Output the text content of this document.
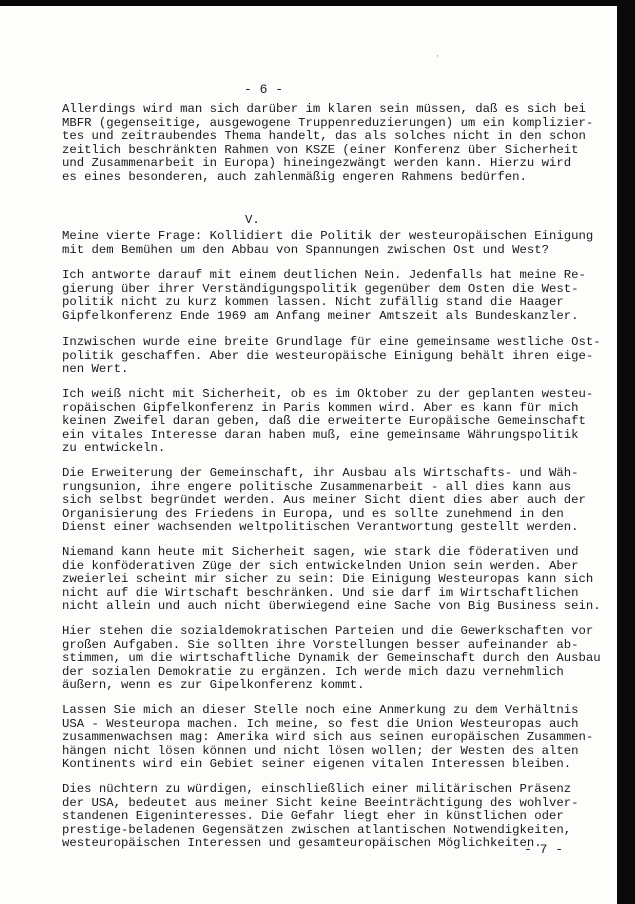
·
- 6 -
Allerdings wird man sich darüber im klaren sein müssen, daß es sich bei
MBFR (gegenseitige, ausgewogene Truppenreduzierungen) um ein komplizier-
tes und zeitraubendes Thema handelt, das als solches nicht in den schon
zeitlich beschränkten Rahmen von KSZE (einer Konferenz über Sicherheit
und Zusammenarbeit in Europa) hineingezwängt werden kann. Hierzu wird
es eines besonderen, auch zahlenmäßig engeren Rahmens bedürfen.
V.
Meine vierte Frage: Kollidiert die Politik der westeuropäischen Einigung
mit dem Bemühen um den Abbau von Spannungen zwischen Ost und West?
Ich antworte darauf mit einem deutlichen Nein. Jedenfalls hat meine Re-
gierung über ihrer Verständigungspolitik gegenüber dem Osten die West-
politik nicht zu kurz kommen lassen. Nicht zufällig stand die Haager
Gipfelkonferenz Ende 1969 am Anfang meiner Amtszeit als Bundeskanzler.
Inzwischen wurde eine breite Grundlage für eine gemeinsame westliche Ost-
politik geschaffen. Aber die westeuropäische Einigung behält ihren eige-
nen Wert.
Ich weiß nicht mit Sicherheit, ob es im Oktober zu der geplanten westeu-
ropäischen Gipfelkonferenz in Paris kommen wird. Aber es kann für mich
keinen Zweifel daran geben, daß die erweiterte Europäische Gemeinschaft
ein vitales Interesse daran haben muß, eine gemeinsame Währungspolitik
zu entwickeln.
Die Erweiterung der Gemeinschaft, ihr Ausbau als Wirtschafts- und Wäh-
rungsunion, ihre engere politische Zusammenarbeit - all dies kann aus
sich selbst begründet werden. Aus meiner Sicht dient dies aber auch der
Organisierung des Friedens in Europa, und es sollte zunehmend in den
Dienst einer wachsenden weltpolitischen Verantwortung gestellt werden.
Niemand kann heute mit Sicherheit sagen, wie stark die föderativen und
die konföderativen Züge der sich entwickelnden Union sein werden. Aber
zweierlei scheint mir sicher zu sein: Die Einigung Westeuropas kann sich
nicht auf die Wirtschaft beschränken. Und sie darf im Wirtschaftlichen
nicht allein und auch nicht überwiegend eine Sache von Big Business sein.
Hier stehen die sozialdemokratischen Parteien und die Gewerkschaften vor
großen Aufgaben. Sie sollten ihre Vorstellungen besser aufeinander ab-
stimmen, um die wirtschaftliche Dynamik der Gemeinschaft durch den Ausbau
der sozialen Demokratie zu ergänzen. Ich werde mich dazu vernehmlich
äußern, wenn es zur Gipelkonferenz kommt.
Lassen Sie mich an dieser Stelle noch eine Anmerkung zu dem Verhältnis
USA - Westeuropa machen. Ich meine, so fest die Union Westeuropas auch
zusammenwachsen mag: Amerika wird sich aus seinen europäischen Zusammen-
hängen nicht lösen können und nicht lösen wollen; der Westen des alten
Kontinents wird ein Gebiet seiner eigenen vitalen Interessen bleiben.
Dies nüchtern zu würdigen, einschließlich einer militärischen Präsenz
der USA, bedeutet aus meiner Sicht keine Beeinträchtigung des wohlver-
standenen Eigeninteresses. Die Gefahr liegt eher in künstlichen oder
prestige-beladenen Gegensätzen zwischen atlantischen Notwendigkeiten,
westeuropäischen Interessen und gesamteuropäischen Möglichkeiten.
- 7 -
